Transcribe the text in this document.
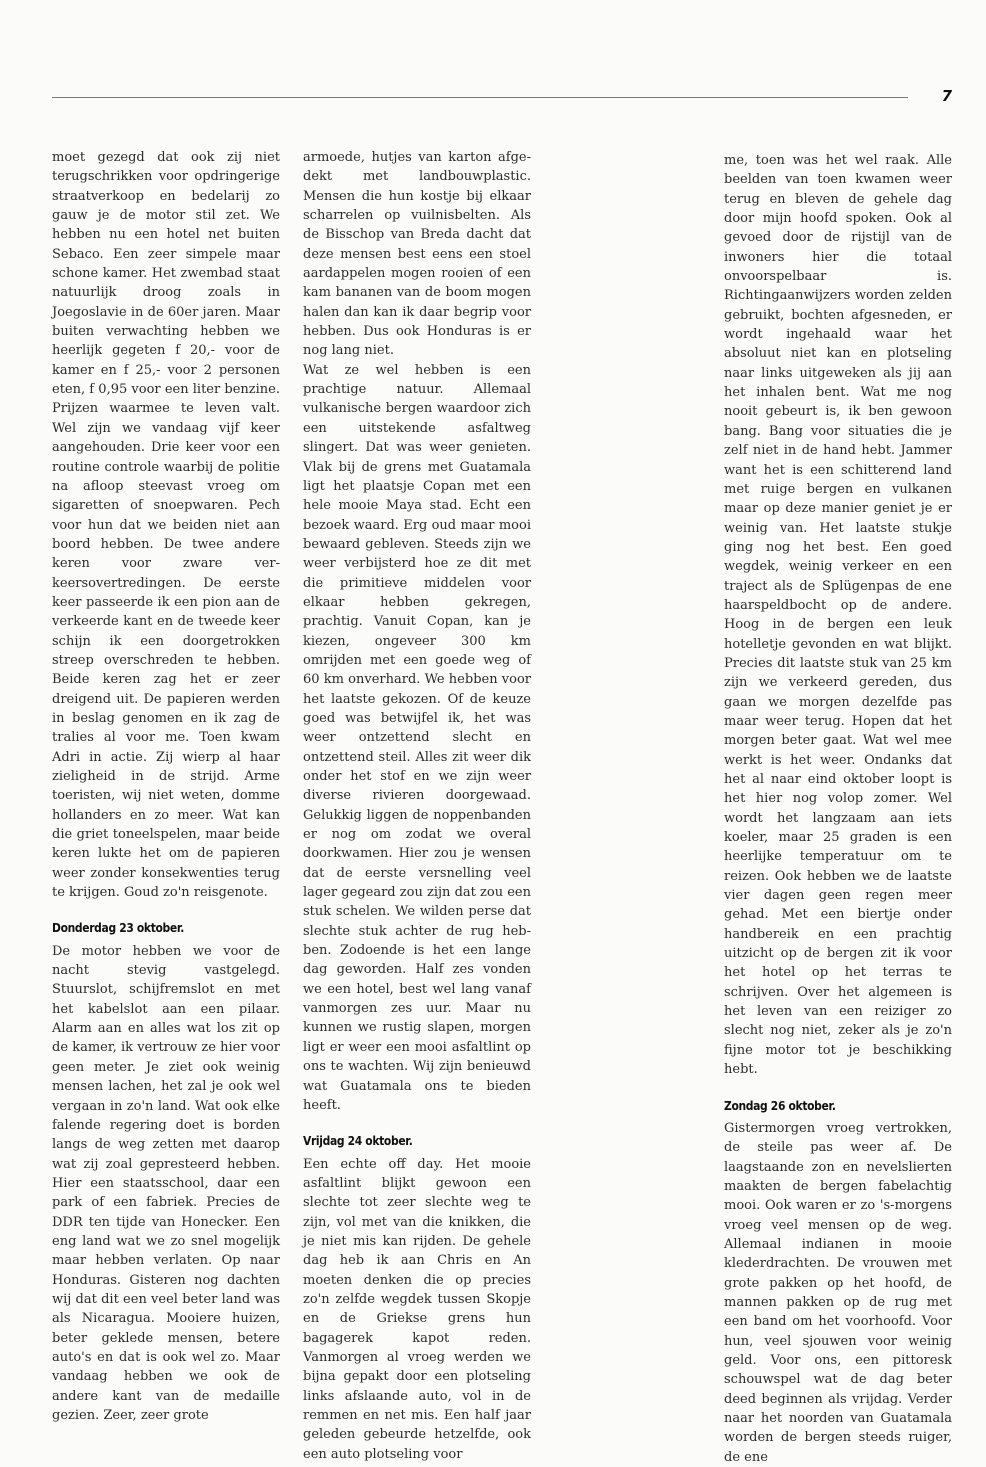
7

moet gezegd dat ook zij niet terugschrikken voor opdringerige straatverkoop en bedelarij zo gauw je de motor stil zet. We hebben nu een hotel net buiten Sebaco. Een zeer simpele maar schone kamer. Het zwembad staat natuurlijk droog zoals in Joegoslavie in de 60er jaren. Maar buiten verwachting hebben we heerlijk gegeten f 20,- voor de kamer en f 25,- voor 2 personen eten, f 0,95 voor een liter benzine. Prijzen waarmee te leven valt. Wel zijn we vandaag vijf keer aangehouden. Drie keer voor een routine controle waarbij de politie na afloop steevast vroeg om sigaretten of snoepwaren. Pech voor hun dat we beiden niet aan boord hebben. De twee andere keren voor zware verkeersovertredingen. De eerste keer passeerde ik een pion aan de verkeerde kant en de tweede keer schijn ik een doorgetrokken streep overschreden te hebben. Beide keren zag het er zeer dreigend uit. De papieren werden in beslag genomen en ik zag de tralies al voor me. Toen kwam Adri in actie. Zij wierp al haar zieligheid in de strijd. Arme toeristen, wij niet weten, domme hollanders en zo meer. Wat kan die griet toneelspelen, maar beide keren lukte het om de papieren weer zonder konsekwenties terug te krijgen. Goud zo'n reisgenote.

Donderdag 23 oktober.

De motor hebben we voor de nacht stevig vastgelegd. Stuurslot, schijfremslot en met het kabelslot aan een pilaar. Alarm aan en alles wat los zit op de kamer, ik vertrouw ze hier voor geen meter. Je ziet ook weinig mensen lachen, het zal je ook wel vergaan in zo'n land. Wat ook elke falende regering doet is borden langs de weg zetten met daarop wat zij zoal gepresteerd hebben. Hier een staatsschool, daar een park of een fabriek. Precies de DDR ten tijde van Honecker. Een eng land wat we zo snel mogelijk maar hebben verlaten. Op naar Honduras. Gisteren nog dachten wij dat dit een veel beter land was als Nicaragua. Mooiere huizen, beter geklede mensen, betere auto's en dat is ook wel zo. Maar vandaag hebben we ook de andere kant van de medaille gezien. Zeer, zeer grote

armoede, hutjes van karton afgedekt met landbouwplastic. Mensen die hun kostje bij elkaar scharrelen op vuilnisbelten. Als de Bisschop van Breda dacht dat deze mensen best eens een stoel aardappelen mogen rooien of een kam bananen van de boom mogen halen dan kan ik daar begrip voor hebben. Dus ook Honduras is er nog lang niet.

Wat ze wel hebben is een prachtige natuur. Allemaal vulkanische bergen waardoor zich een uitstekende asfaltweg slingert. Dat was weer genieten. Vlak bij de grens met Guatamala ligt het plaatsje Copan met een hele mooie Maya stad. Echt een bezoek waard. Erg oud maar mooi bewaard gebleven. Steeds zijn we weer verbijsterd hoe ze dit met die primitieve middelen voor elkaar hebben gekregen, prachtig. Vanuit Copan, kan je kiezen, ongeveer 300 km omrijden met een goede weg of 60 km onverhard. We hebben voor het laatste gekozen. Of de keuze goed was betwijfel ik, het was weer ontzettend slecht en ontzettend steil. Alles zit weer dik onder het stof en we zijn weer diverse rivieren doorgewaad. Gelukkig liggen de noppenbanden er nog om zodat we overal doorkwamen. Hier zou je wensen dat de eerste versnelling veel lager gegeard zou zijn dat zou een stuk schelen. We wilden perse dat slechte stuk achter de rug hebben. Zodoende is het een lange dag geworden. Half zes vonden we een hotel, best wel lang vanaf vanmorgen zes uur. Maar nu kunnen we rustig slapen, morgen ligt er weer een mooi asfaltlint op ons te wachten. Wij zijn benieuwd wat Guatamala ons te bieden heeft.

Vrijdag 24 oktober.

Een echte off day. Het mooie asfaltlint blijkt gewoon een slechte tot zeer slechte weg te zijn, vol met van die knikken, die je niet mis kan rijden. De gehele dag heb ik aan Chris en An moeten denken die op precies zo'n zelfde wegdek tussen Skopje en de Griekse grens hun bagagerek kapot reden. Vanmorgen al vroeg werden we bijna gepakt door een plotseling links afslaande auto, vol in de remmen en net mis. Een half jaar geleden gebeurde hetzelfde, ook een auto plotseling voor

me, toen was het wel raak. Alle beelden van toen kwamen weer terug en bleven de gehele dag door mijn hoofd spoken. Ook al gevoed door de rijstijl van de inwoners hier die totaal onvoorspelbaar is. Richtingaanwijzers worden zelden gebruikt, bochten afgesneden, er wordt ingehaald waar het absoluut niet kan en plotseling naar links uitgeweken als jij aan het inhalen bent. Wat me nog nooit gebeurt is, ik ben gewoon bang. Bang voor situaties die je zelf niet in de hand hebt. Jammer want het is een schitterend land met ruige bergen en vulkanen maar op deze manier geniet je er weinig van. Het laatste stukje ging nog het best. Een goed wegdek, weinig verkeer en een traject als de Splügenpas de ene haarspeldbocht op de andere. Hoog in de bergen een leuk hotelletje gevonden en wat blijkt. Precies dit laatste stuk van 25 km zijn we verkeerd gereden, dus gaan we morgen dezelfde pas maar weer terug. Hopen dat het morgen beter gaat. Wat wel mee werkt is het weer. Ondanks dat het al naar eind oktober loopt is het hier nog volop zomer. Wel wordt het langzaam aan iets koeler, maar 25 graden is een heerlijke temperatuur om te reizen. Ook hebben we de laatste vier dagen geen regen meer gehad. Met een biertje onder handbereik en een prachtig uitzicht op de bergen zit ik voor het hotel op het terras te schrijven. Over het algemeen is het leven van een reiziger zo slecht nog niet, zeker als je zo'n fijne motor tot je beschikking hebt.

Zondag 26 oktober.

Gistermorgen vroeg vertrokken, de steile pas weer af. De laagstaande zon en nevelslierten maakten de bergen fabelachtig mooi. Ook waren er zo 's-morgens vroeg veel mensen op de weg. Allemaal indianen in mooie klederdrachten. De vrouwen met grote pakken op het hoofd, de mannen pakken op de rug met een band om het voorhoofd. Voor hun, veel sjouwen voor weinig geld. Voor ons, een pittoresk schouwspel wat de dag beter deed beginnen als vrijdag. Verder naar het noorden van Guatamala worden de bergen steeds ruiger, de ene
